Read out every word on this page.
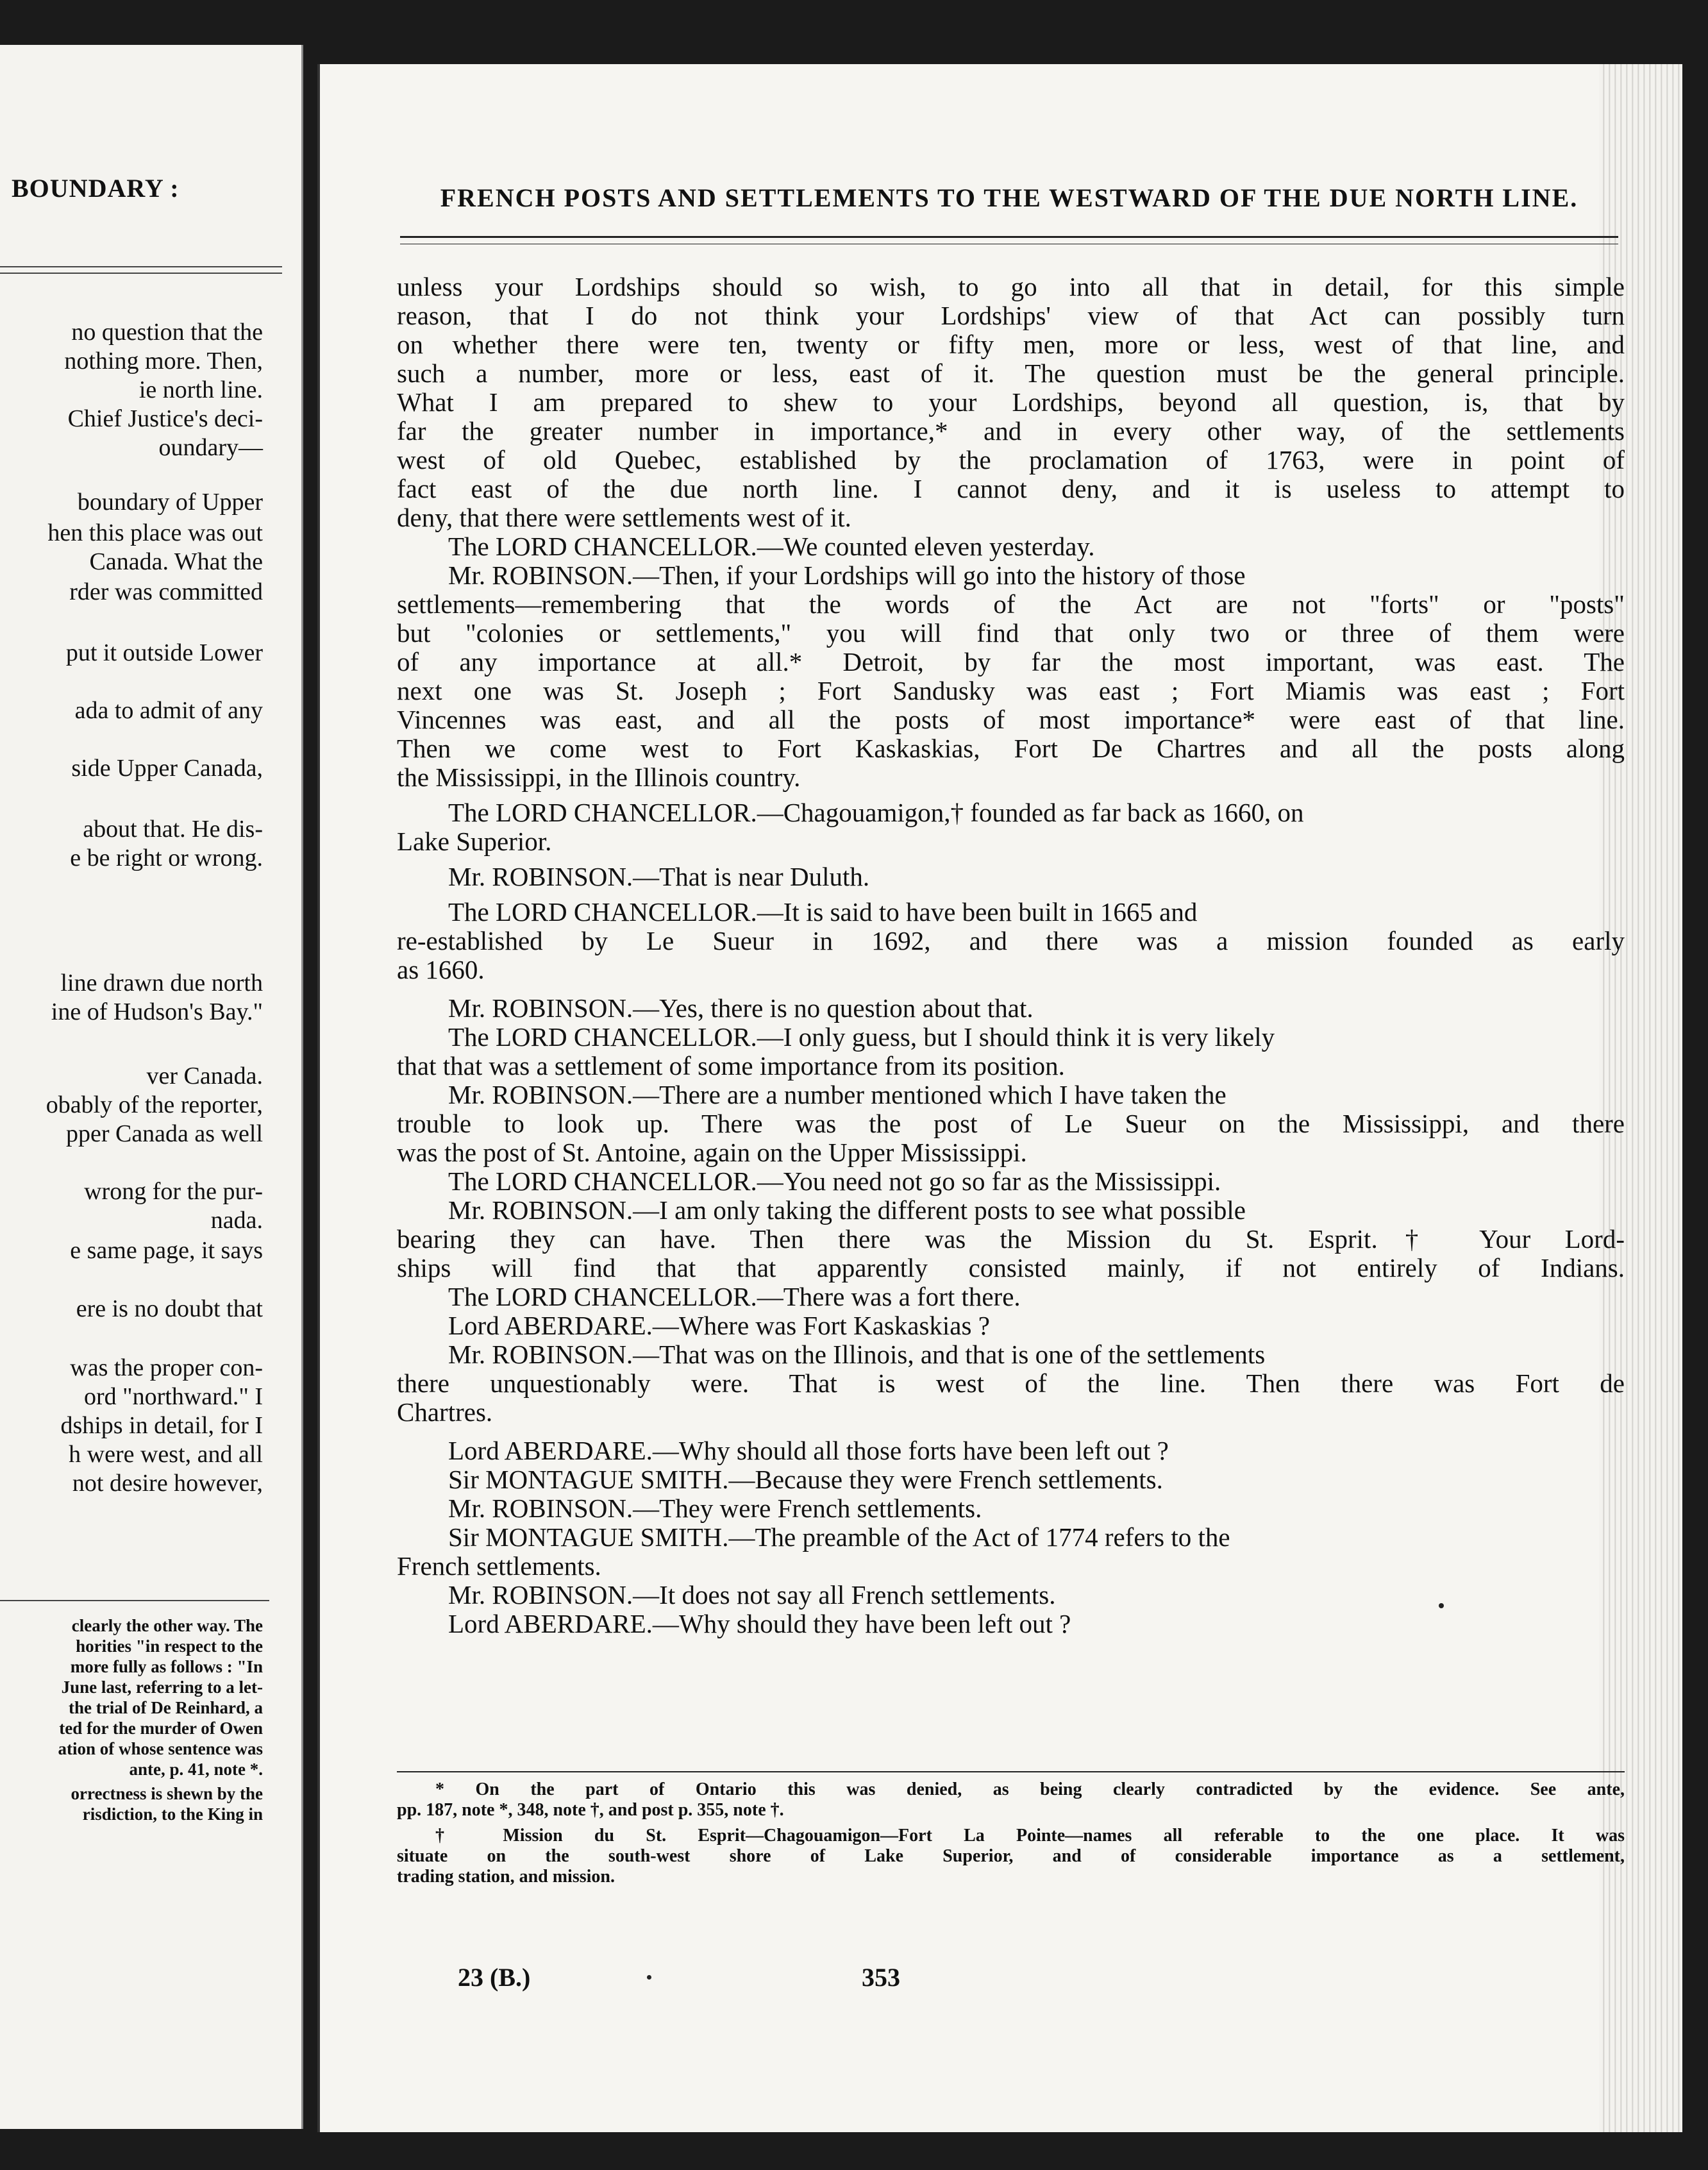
BOUNDARY :
no question that the
nothing more. Then,
ie north line.
Chief Justice's deci-
oundary—
boundary of Upper
hen this place was out
Canada. What the
rder was committed
put it outside Lower
ada to admit of any
side Upper Canada,
about that. He dis-
e be right or wrong.
line drawn due north
ine of Hudson's Bay."
ver Canada.
obably of the reporter,
pper Canada as well
wrong for the pur-
nada.
e same page, it says
ere is no doubt that
was the proper con-
ord "northward." I
dships in detail, for I
h were west, and all
not desire however,
clearly the other way. The
horities "in respect to the
more fully as follows : "In
June last, referring to a let-
the trial of De Reinhard, a
ted for the murder of Owen
ation of whose sentence was
ante, p. 41, note *.
orrectness is shewn by the
risdiction, to the King in
FRENCH POSTS AND SETTLEMENTS TO THE WESTWARD OF THE DUE NORTH LINE.
unless your Lordships should so wish, to go into all that in detail, for this simple
reason, that I do not think your Lordships' view of that Act can possibly turn
on whether there were ten, twenty or fifty men, more or less, west of that line, and
such a number, more or less, east of it. The question must be the general principle.
What I am prepared to shew to your Lordships, beyond all question, is, that by
far the greater number in importance,* and in every other way, of the settlements
west of old Quebec, established by the proclamation of 1763, were in point of
fact east of the due north line. I cannot deny, and it is useless to attempt to
deny, that there were settlements west of it.
The LORD CHANCELLOR.—We counted eleven yesterday.
Mr. ROBINSON.—Then, if your Lordships will go into the history of those
settlements—remembering that the words of the Act are not "forts" or "posts"
but "colonies or settlements," you will find that only two or three of them were
of any importance at all.* Detroit, by far the most important, was east. The
next one was St. Joseph ; Fort Sandusky was east ; Fort Miamis was east ; Fort
Vincennes was east, and all the posts of most importance* were east of that line.
Then we come west to Fort Kaskaskias, Fort De Chartres and all the posts along
the Mississippi, in the Illinois country.
The LORD CHANCELLOR.—Chagouamigon,† founded as far back as 1660, on
Lake Superior.
Mr. ROBINSON.—That is near Duluth.
The LORD CHANCELLOR.—It is said to have been built in 1665 and
re-established by Le Sueur in 1692, and there was a mission founded as early
as 1660.
Mr. ROBINSON.—Yes, there is no question about that.
The LORD CHANCELLOR.—I only guess, but I should think it is very likely
that that was a settlement of some importance from its position.
Mr. ROBINSON.—There are a number mentioned which I have taken the
trouble to look up. There was the post of Le Sueur on the Mississippi, and there
was the post of St. Antoine, again on the Upper Mississippi.
The LORD CHANCELLOR.—You need not go so far as the Mississippi.
Mr. ROBINSON.—I am only taking the different posts to see what possible
bearing they can have. Then there was the Mission du St. Esprit.† Your Lord-
ships will find that that apparently consisted mainly, if not entirely of Indians.
The LORD CHANCELLOR.—There was a fort there.
Lord ABERDARE.—Where was Fort Kaskaskias ?
Mr. ROBINSON.—That was on the Illinois, and that is one of the settlements
there unquestionably were. That is west of the line. Then there was Fort de
Chartres.
Lord ABERDARE.—Why should all those forts have been left out ?
Sir MONTAGUE SMITH.—Because they were French settlements.
Mr. ROBINSON.—They were French settlements.
Sir MONTAGUE SMITH.—The preamble of the Act of 1774 refers to the
French settlements.
Mr. ROBINSON.—It does not say all French settlements.
Lord ABERDARE.—Why should they have been left out ?
* On the part of Ontario this was denied, as being clearly contradicted by the evidence. See ante,
pp. 187, note *, 348, note †, and post p. 355, note †.
† Mission du St. Esprit—Chagouamigon—Fort La Pointe—names all referable to the one place. It was
situate on the south-west shore of Lake Superior, and of considerable importance as a settlement,
trading station, and mission.
23 (B.)	353
